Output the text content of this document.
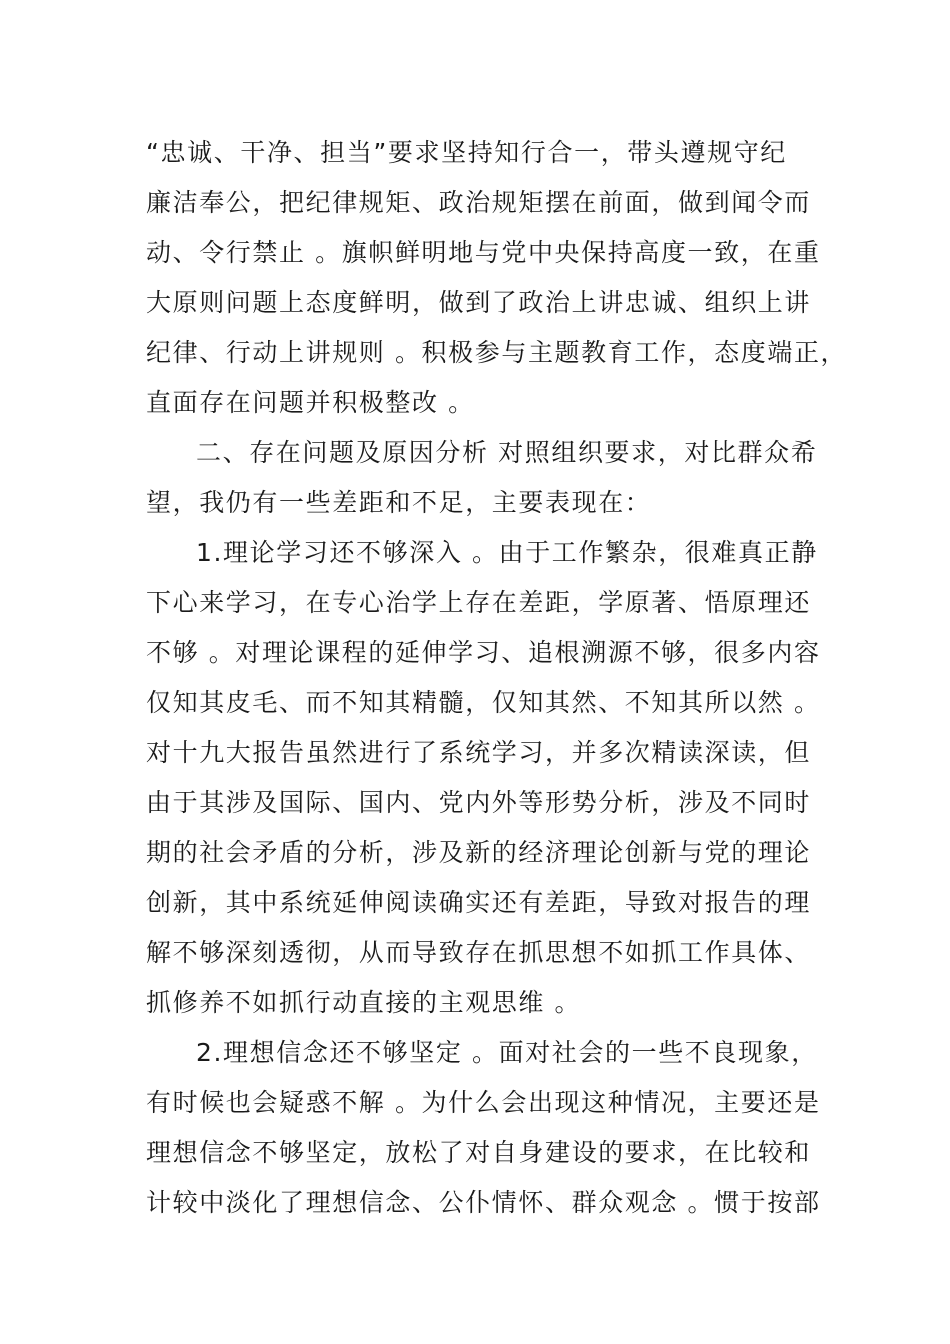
“忠诚、干净、担当”要求坚持知行合一，带头遵规守纪
廉洁奉公，把纪律规矩、政治规矩摆在前面，做到闻令而
动、令行禁止 。旗帜鲜明地与党中央保持高度一致，在重
大原则问题上态度鲜明，做到了政治上讲忠诚、组织上讲
纪律、行动上讲规则 。积极参与主题教育工作，态度端正，
直面存在问题并积极整改 。
二、存在问题及原因分析 对照组织要求，对比群众希
望，我仍有一些差距和不足，主要表现在：
1.理论学习还不够深入 。由于工作繁杂，很难真正静
下心来学习，在专心治学上存在差距，学原著、悟原理还
不够 。对理论课程的延伸学习、追根溯源不够，很多内容
仅知其皮毛、而不知其精髓，仅知其然、不知其所以然 。
对十九大报告虽然进行了系统学习，并多次精读深读，但
由于其涉及国际、国内、党内外等形势分析，涉及不同时
期的社会矛盾的分析，涉及新的经济理论创新与党的理论
创新，其中系统延伸阅读确实还有差距，导致对报告的理
解不够深刻透彻，从而导致存在抓思想不如抓工作具体、
抓修养不如抓行动直接的主观思维 。
2.理想信念还不够坚定 。面对社会的一些不良现象，
有时候也会疑惑不解 。为什么会出现这种情况，主要还是
理想信念不够坚定，放松了对自身建设的要求，在比较和
计较中淡化了理想信念、公仆情怀、群众观念 。惯于按部
